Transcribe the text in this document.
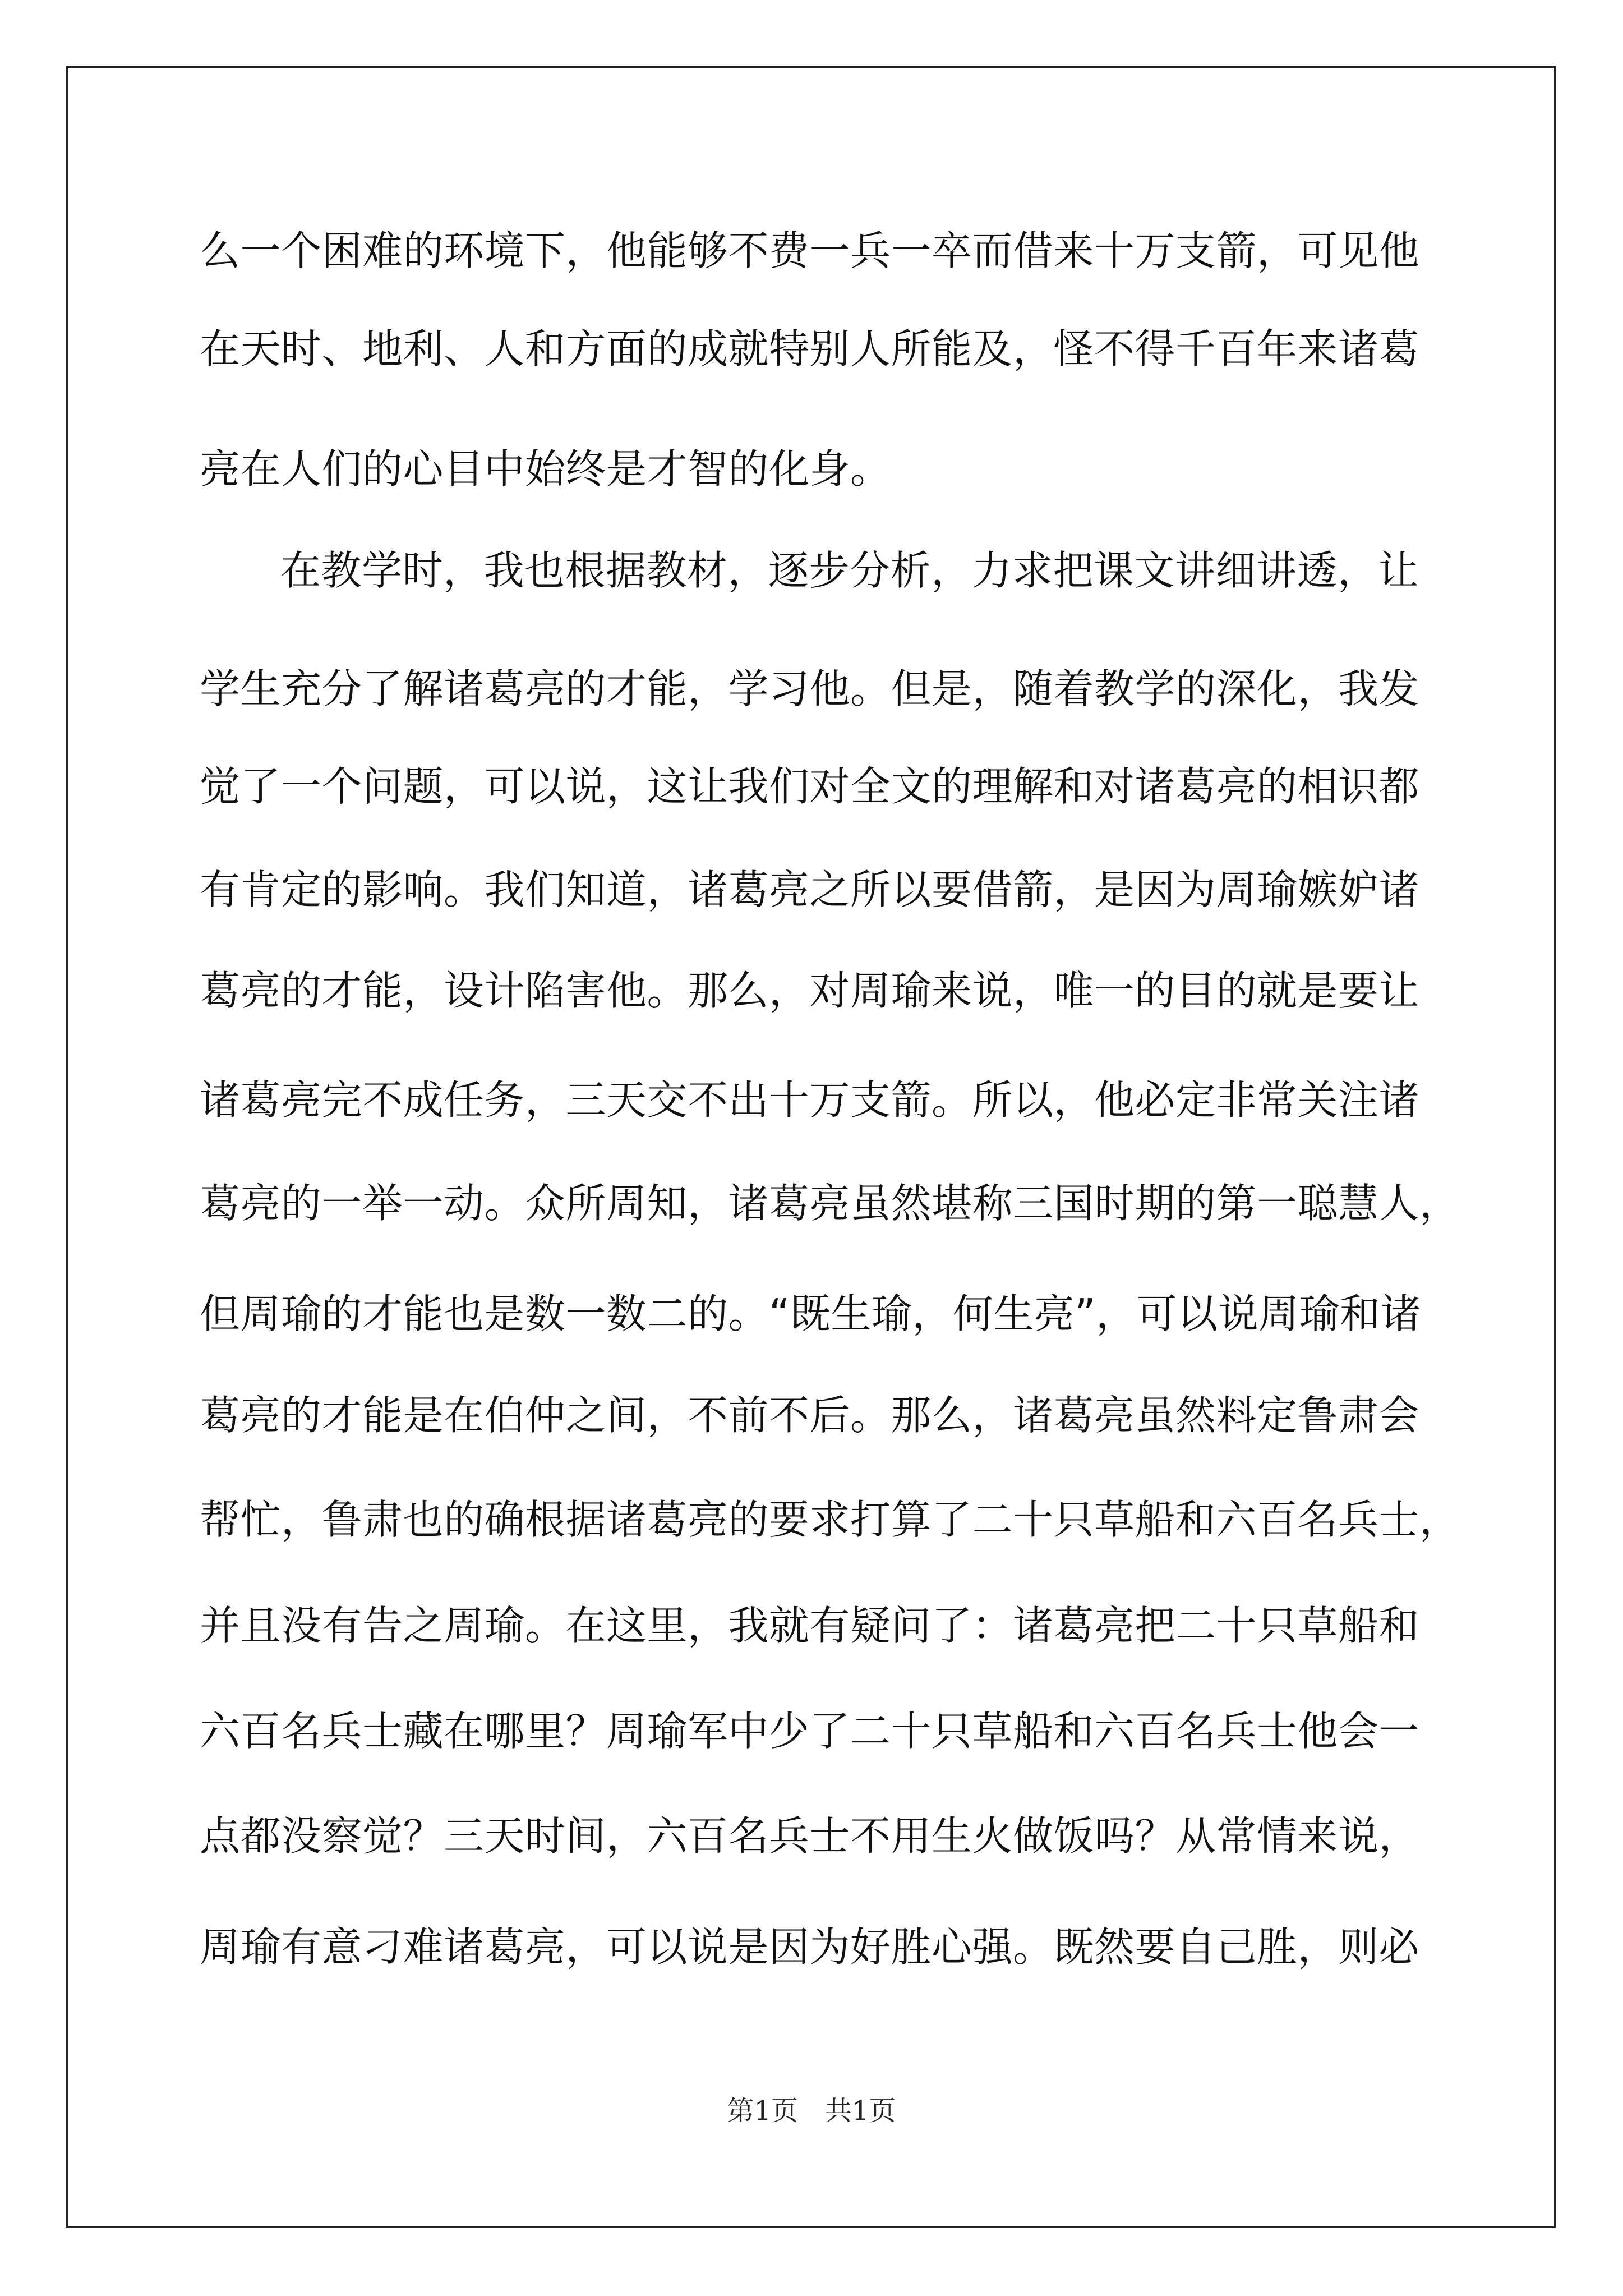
么一个困难的环境下，他能够不费一兵一卒而借来十万支箭，可见他
在天时、地利、人和方面的成就特别人所能及，怪不得千百年来诸葛
亮在人们的心目中始终是才智的化身。
在教学时，我也根据教材，逐步分析，力求把课文讲细讲透，让
学生充分了解诸葛亮的才能，学习他。但是，随着教学的深化，我发
觉了一个问题，可以说，这让我们对全文的理解和对诸葛亮的相识都
有肯定的影响。我们知道，诸葛亮之所以要借箭，是因为周瑜嫉妒诸
葛亮的才能，设计陷害他。那么，对周瑜来说，唯一的目的就是要让
诸葛亮完不成任务，三天交不出十万支箭。所以，他必定非常关注诸
葛亮的一举一动。众所周知，诸葛亮虽然堪称三国时期的第一聪慧人，
但周瑜的才能也是数一数二的。“既生瑜，何生亮”，可以说周瑜和诸
葛亮的才能是在伯仲之间，不前不后。那么，诸葛亮虽然料定鲁肃会
帮忙，鲁肃也的确根据诸葛亮的要求打算了二十只草船和六百名兵士，
并且没有告之周瑜。在这里，我就有疑问了：诸葛亮把二十只草船和
六百名兵士藏在哪里？周瑜军中少了二十只草船和六百名兵士他会一
点都没察觉？三天时间，六百名兵士不用生火做饭吗？从常情来说，
周瑜有意刁难诸葛亮，可以说是因为好胜心强。既然要自己胜，则必
第1页　共1页
